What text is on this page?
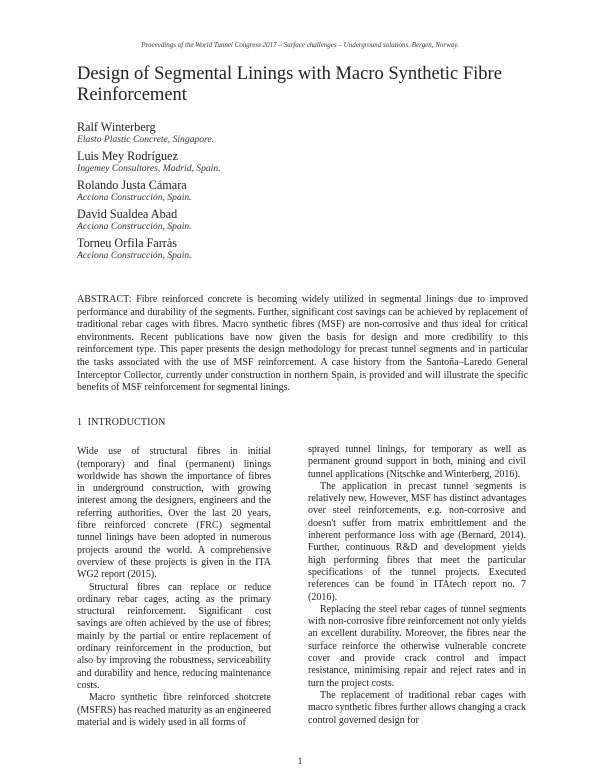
Proceedings of the World Tunnel Congress 2017 – Surface challenges – Underground solutions. Bergen, Norway.
Design of Segmental Linings with Macro Synthetic Fibre Reinforcement
Ralf Winterberg
Elasto Plastic Concrete, Singapore.
Luis Mey Rodríguez
Ingemey Consultores, Madrid, Spain.
Rolando Justa Cámara
Acciona Construcción, Spain.
David Sualdea Abad
Acciona Construcción, Spain.
Torneu Orfila Farràs
Acciona Construcción, Spain.

ABSTRACT: Fibre reinforced concrete is becoming widely utilized in segmental linings due to improved performance and durability of the segments. Further, significant cost savings can be achieved by replacement of traditional rebar cages with fibres. Macro synthetic fibres (MSF) are non-corrosive and thus ideal for critical environments. Recent publications have now given the basis for design and more credibility to this reinforcement type. This paper presents the design methodology for precast tunnel segments and in particular the tasks associated with the use of MSF reinforcement. A case history from the Santoña–Laredo General Interceptor Collector, currently under construction in northern Spain, is provided and will illustrate the specific benefits of MSF reinforcement for segmental linings.

1 INTRODUCTION

Wide use of structural fibres in initial (temporary) and final (permanent) linings worldwide has shown the importance of fibres in underground construction, with growing interest among the designers, engineers and the referring authorities. Over the last 20 years, fibre reinforced concrete (FRC) segmental tunnel linings have been adopted in numerous projects around the world. A comprehensive overview of these projects is given in the ITA WG2 report (2015).

Structural fibres can replace or reduce ordinary rebar cages, acting as the primary structural reinforcement. Significant cost savings are often achieved by the use of fibres; mainly by the partial or entire replacement of ordinary reinforcement in the production, but also by improving the robustness, serviceability and durability and hence, reducing maintenance costs.

Macro synthetic fibre reinforced shotcrete (MSFRS) has reached maturity as an engineered material and is widely used in all forms of

sprayed tunnel linings, for temporary as well as permanent ground support in both, mining and civil tunnel applications (Nitschke and Winterberg, 2016).

The application in precast tunnel segments is relatively new. However, MSF has distinct advantages over steel reinforcements, e.g. non-corrosive and doesn't suffer from matrix embrittlement and the inherent performance loss with age (Bernard, 2014). Further, continuous R&D and development yields high performing fibres that meet the particular specifications of the tunnel projects. Executed references can be found in ITAtech report no. 7 (2016).

Replacing the steel rebar cages of tunnel segments with non-corrosive fibre reinforcement not only yields an excellent durability. Moreover, the fibres near the surface reinforce the otherwise vulnerable concrete cover and provide crack control and impact resistance, minimising repair and reject rates and in turn the project costs.

The replacement of traditional rebar cages with macro synthetic fibres further allows changing a crack control governed design for

1
